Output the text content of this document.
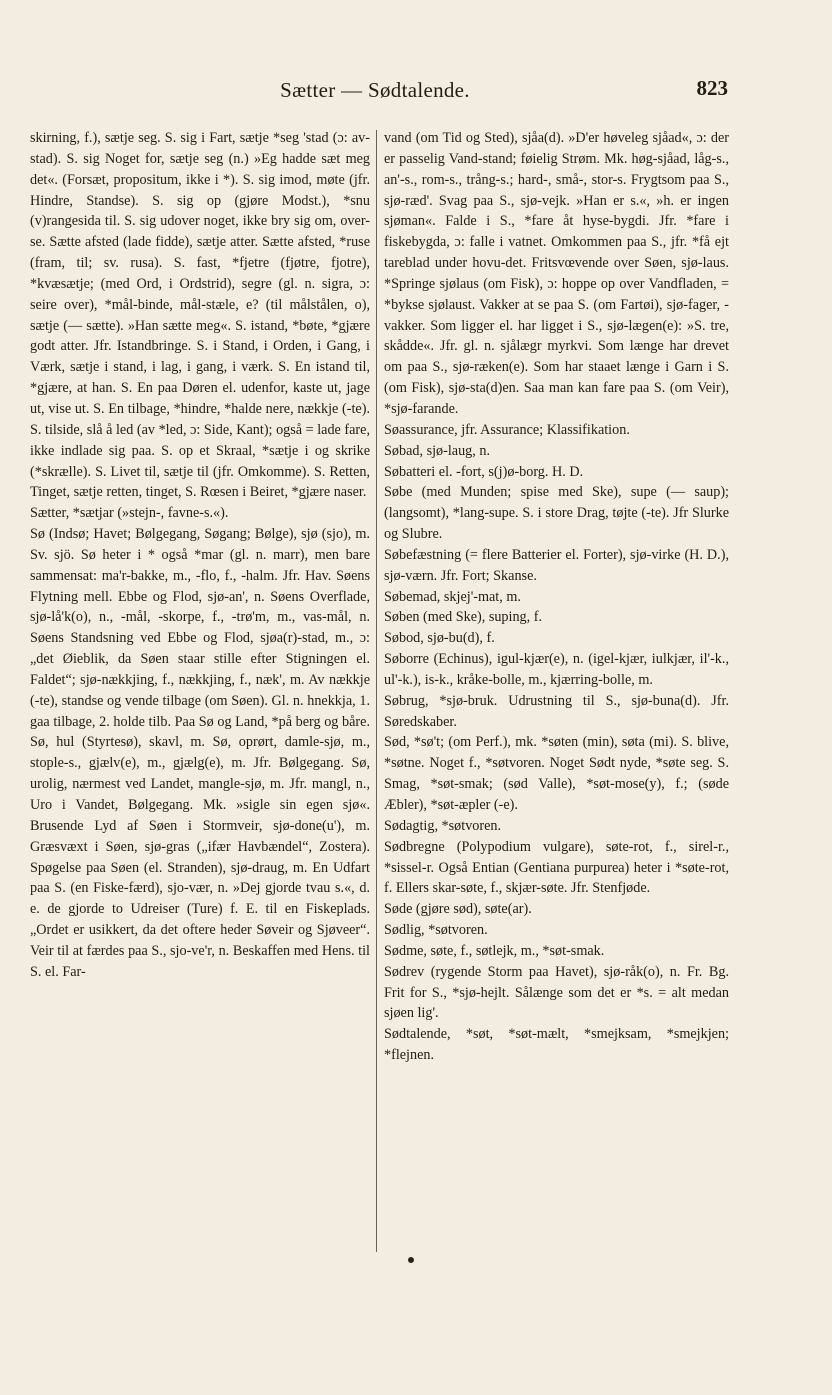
Sætter — Sødtalende.	823

skirning, f.), sætje seg. S. sig i Fart, sætje *seg 'stad (ɔ: av-stad). S. sig Noget for, sætje seg (n.) »Eg hadde sæt meg det«. (Forsæt, propositum, ikke i *). S. sig imod, møte (jfr. Hindre, Standse). S. sig op (gjøre Modst.), *snu (v)rangesida til. S. sig udover noget, ikke bry sig om, over-se. Sætte afsted (lade fidde), sætje atter. Sætte afsted, *ruse (fram, til; sv. rusa). S. fast, *fjetre (fjøtre, fjotre), *kvæsætje; (med Ord, i Ordstrid), segre (gl. n. sigra, ɔ: seire over), *mål-binde, mål-stæle, e? (til målstålen, o), sætje (— sætte). »Han sætte meg«. S. istand, *bøte, *gjære godt atter. Jfr. Istandbringe. S. i Stand, i Orden, i Gang, i Værk, sætje i stand, i lag, i gang, i værk. S. En istand til, *gjære, at han. S. En paa Døren el. udenfor, kaste ut, jage ut, vise ut. S. En tilbage, *hindre, *halde nere, nækkje (-te). S. tilside, slå å led (av *led, ɔ: Side, Kant); også = lade fare, ikke indlade sig paa. S. op et Skraal, *sætje i og skrike (*skrælle). S. Livet til, sætje til (jfr. Omkomme). S. Retten, Tinget, sætje retten, tinget, S. Rœsen i Beiret, *gjære naser.

Sætter, *sætjar (»stejn-, favne-s.«).

Sø (Indsø; Havet; Bølgegang, Søgang; Bølge), sjø (sjo), m. Sv. sjö. Sø heter i * også *mar (gl. n. marr), men bare sammensat: ma'r-bakke, m., -flo, f., -halm. Jfr. Hav. Søens Flytning mell. Ebbe og Flod, sjø-an', n. Søens Overflade, sjø-lå'k(o), n., -mål, -skorpe, f., -trø'm, m., vas-mål, n. Søens Standsning ved Ebbe og Flod, sjøa(r)-stad, m., ɔ: „det Øieblik, da Søen staar stille efter Stigningen el. Faldet“; sjø-nækkjing, f., nækkjing, f., næk', m. Av nækkje (-te), standse og vende tilbage (om Søen). Gl. n. hnekkja, 1. gaa tilbage, 2. holde tilb. Paa Sø og Land, *på berg og båre. Sø, hul (Styrtesø), skavl, m. Sø, oprørt, damle-sjø, m., stople-s., gjælv(e), m., gjælg(e), m. Jfr. Bølgegang. Sø, urolig, nærmest ved Landet, mangle-sjø, m. Jfr. mangl, n., Uro i Vandet, Bølgegang. Mk. »sigle sin egen sjø«. Brusende Lyd af Søen i Stormveir, sjø-done(u'), m. Græsvæxt i Søen, sjø-gras („ifær Havbændel“, Zostera). Spøgelse paa Søen (el. Stranden), sjø-draug, m. En Udfart paa S. (en Fiske-færd), sjo-vær, n. »Dej gjorde tvau s.«, d. e. de gjorde to Udreiser (Ture) f. E. til en Fiskeplads. „Ordet er usikkert, da det oftere heder Søveir og Sjøveer“. Veir til at færdes paa S., sjo-ve'r, n. Beskaffen med Hens. til S. el. Far-

vand (om Tid og Sted), sjåa(d). »D'er høveleg sjåad«, ɔ: der er passelig Vand-stand; føielig Strøm. Mk. høg-sjåad, låg-s., an'-s., rom-s., trång-s.; hard-, små-, stor-s. Frygtsom paa S., sjø-ræd'. Svag paa S., sjø-vejk. »Han er s.«, »h. er ingen sjøman«. Falde i S., *fare åt hyse-bygdi. Jfr. *fare i fiskebygda, ɔ: falle i vatnet. Omkommen paa S., jfr. *få ejt tareblad under hovu-det. Fritsvœvende over Søen, sjø-laus. *Springe sjølaus (om Fisk), ɔ: hoppe op over Vandfladen, = *bykse sjølaust. Vakker at se paa S. (om Fartøi), sjø-fager, -vakker. Som ligger el. har ligget i S., sjø-lægen(e): »S. tre, skådde«. Jfr. gl. n. sjålægr myrkvi. Som længe har drevet om paa S., sjø-ræken(e). Som har staaet længe i Garn i S. (om Fisk), sjø-sta(d)en. Saa man kan fare paa S. (om Veir), *sjø-farande.

Søassurance, jfr. Assurance; Klassifikation.

Søbad, sjø-laug, n.

Søbatteri el. -fort, s(j)ø-borg. H. D.

Søbe (med Munden; spise med Ske), supe (— saup); (langsomt), *lang-supe. S. i store Drag, tøjte (-te). Jfr Slurke og Slubre.

Søbefæstning (= flere Batterier el. Forter), sjø-virke (H. D.), sjø-værn. Jfr. Fort; Skanse.

Søbemad, skjej'-mat, m.

Søben (med Ske), suping, f.

Søbod, sjø-bu(d), f.

Søborre (Echinus), igul-kjær(e), n. (igel-kjær, iulkjær, il'-k., ul'-k.), is-k., kråke-bolle, m., kjærring-bolle, m.

Søbrug, *sjø-bruk. Udrustning til S., sjø-buna(d). Jfr. Søredskaber.

Sød, *sø't; (om Perf.), mk. *søten (min), søta (mi). S. blive, *søtne. Noget f., *søtvoren. Noget Sødt nyde, *søte seg. S. Smag, *søt-smak; (sød Valle), *søt-mose(y), f.; (søde Æbler), *søt-æpler (-e).

Sødagtig, *søtvoren.

Sødbregne (Polypodium vulgare), søte-rot, f., sirel-r., *sissel-r. Også Entian (Gentiana purpurea) heter i *søte-rot, f. Ellers skar-søte, f., skjær-søte. Jfr. Stenfjøde.

Søde (gjøre sød), søte(ar).

Sødlig, *søtvoren.

Sødme, søte, f., søtlejk, m., *søt-smak.

Sødrev (rygende Storm paa Havet), sjø-råk(o), n. Fr. Bg. Frit for S., *sjø-hejlt. Sålænge som det er *s. = alt medan sjøen lig'.

Sødtalende, *søt, *søt-mælt, *smejksam, *smejkjen; *flejnen.
